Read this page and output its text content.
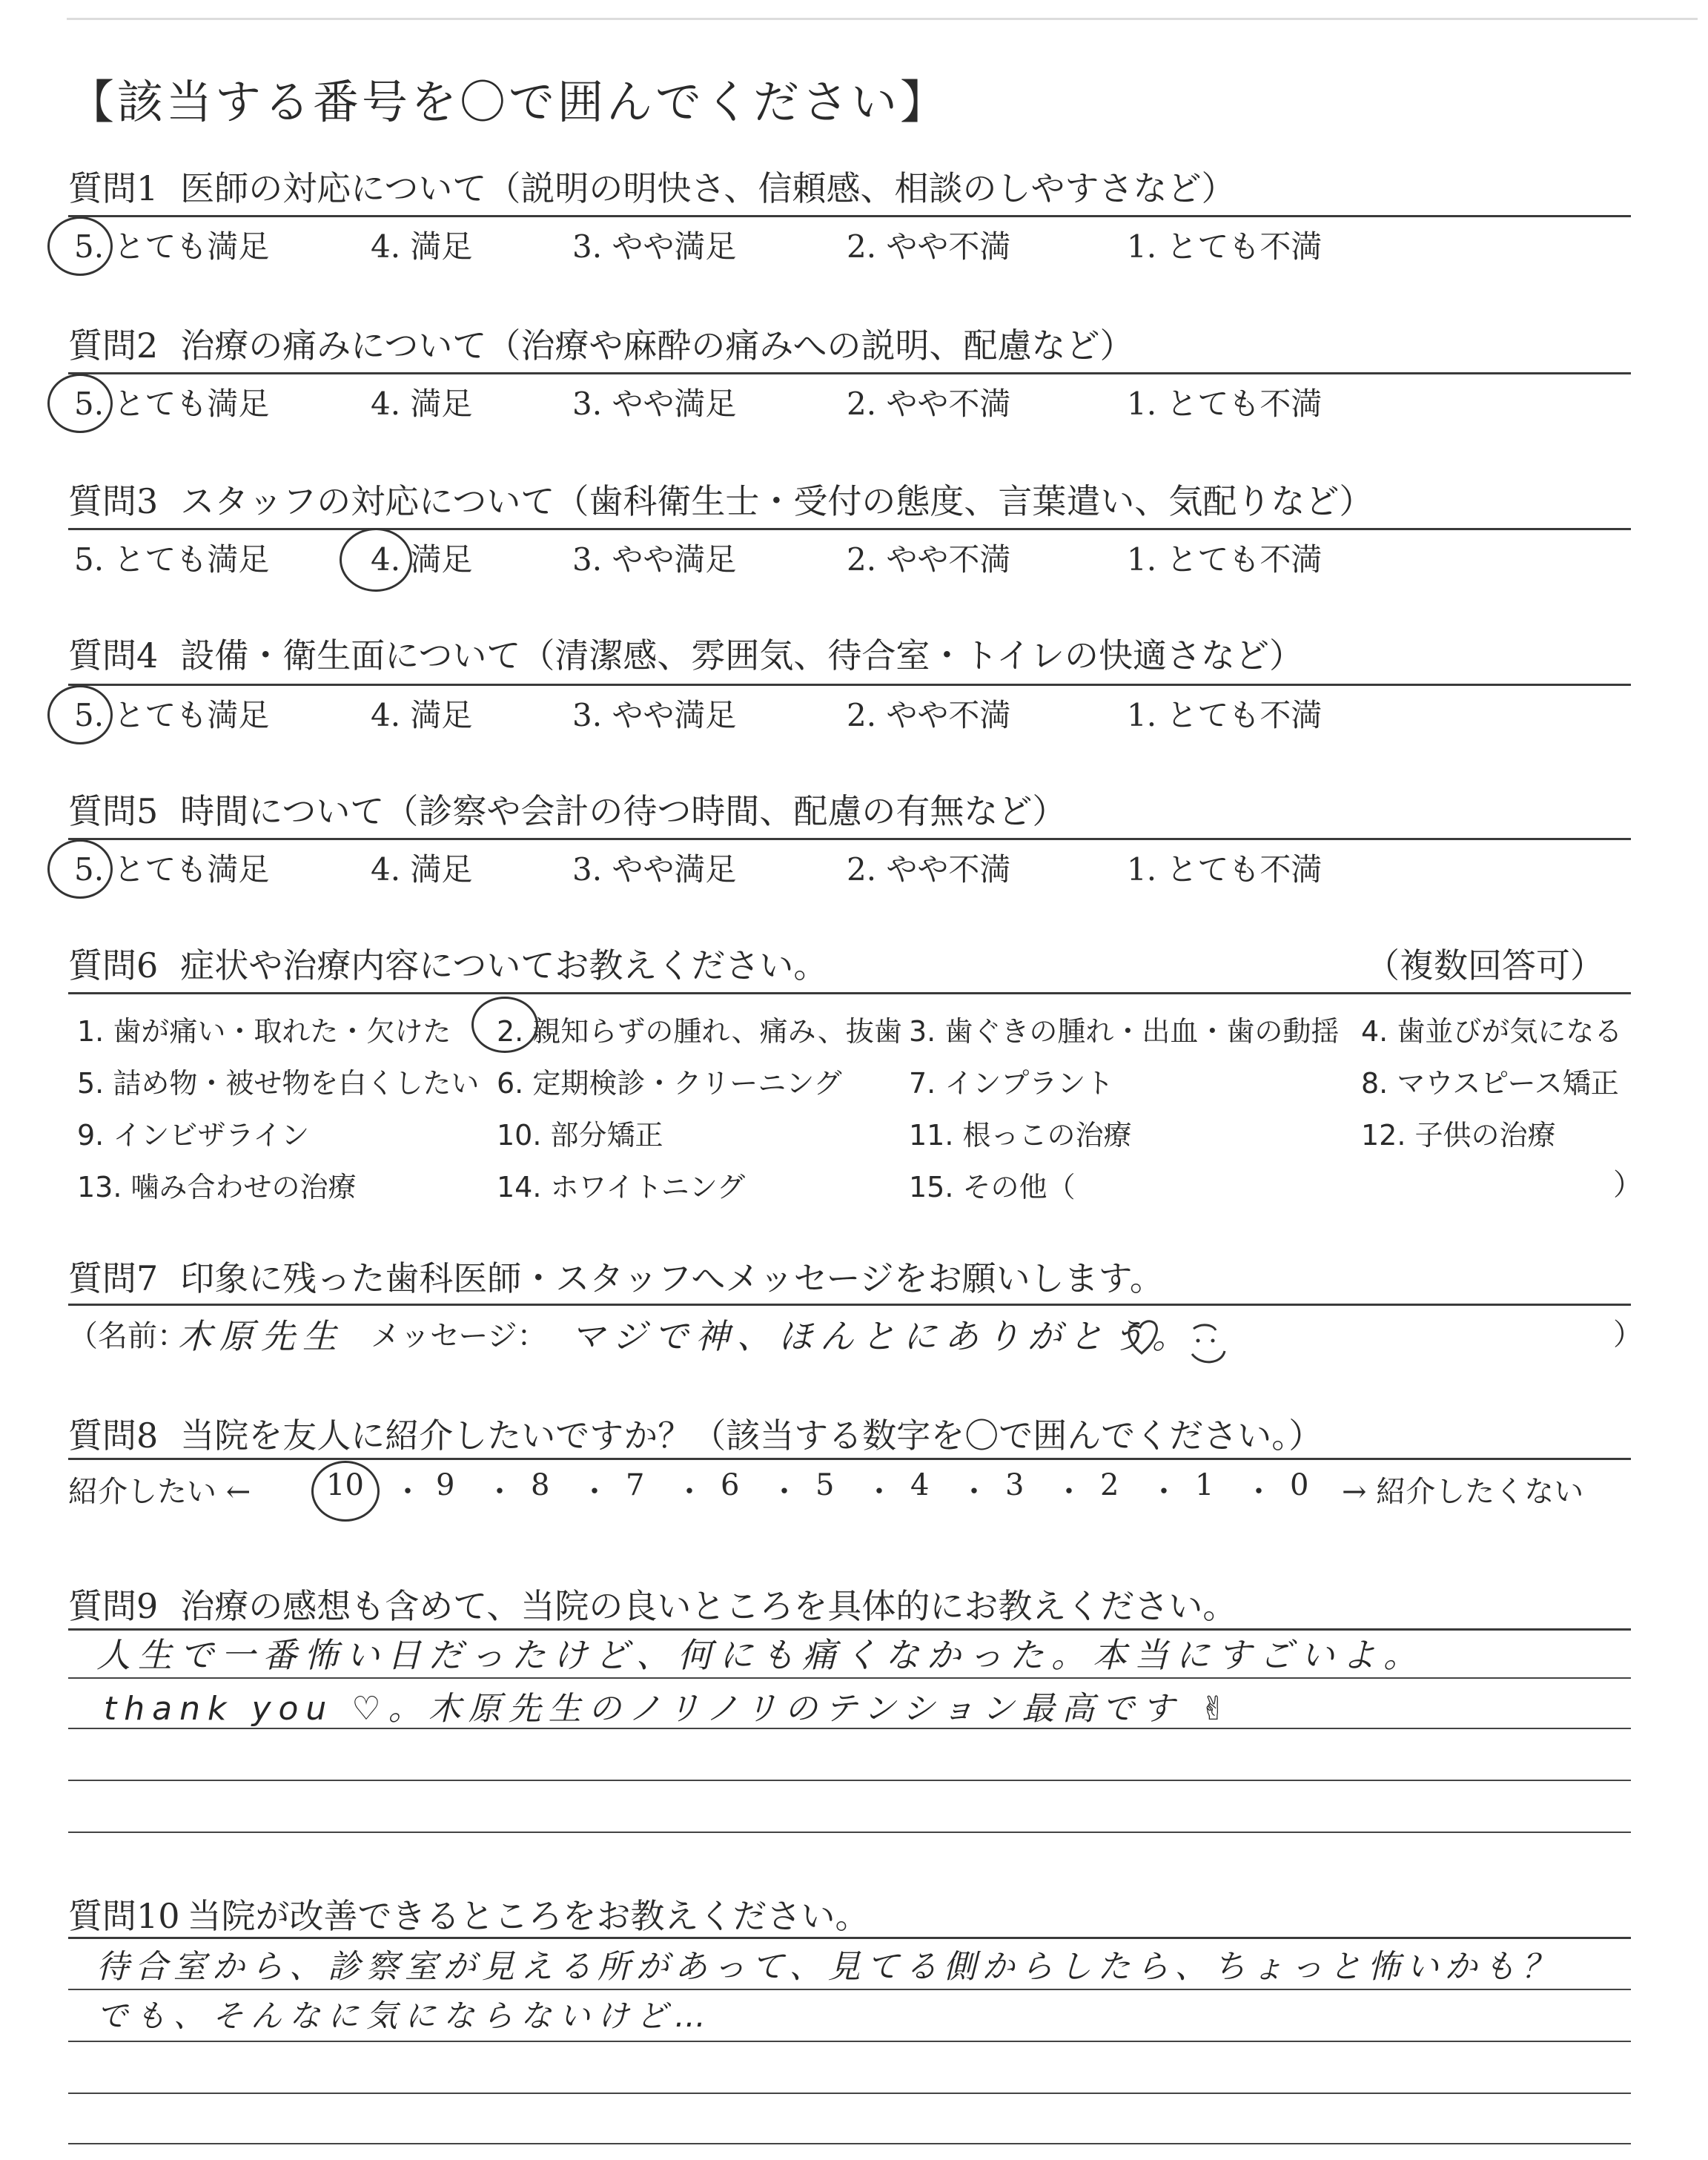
【該当する番号を〇で囲んでください】
質問1 医師の対応について（説明の明快さ、信頼感、相談のしやすさなど）
5. とても満足	4. 満足	3. やや満足	2. やや不満	1. とても不満
質問2 治療の痛みについて（治療や麻酔の痛みへの説明、配慮など）
5. とても満足	4. 満足	3. やや満足	2. やや不満	1. とても不満
質問3 スタッフの対応について（歯科衛生士・受付の態度、言葉遣い、気配りなど）
5. とても満足	4. 満足	3. やや満足	2. やや不満	1. とても不満
質問4 設備・衛生面について（清潔感、雰囲気、待合室・トイレの快適さなど）
5. とても満足	4. 満足	3. やや満足	2. やや不満	1. とても不満
質問5 時間について（診察や会計の待つ時間、配慮の有無など）
5. とても満足	4. 満足	3. やや満足	2. やや不満	1. とても不満
質問6 症状や治療内容についてお教えください。	（複数回答可）
1. 歯が痛い・取れた・欠けた 2. 親知らずの腫れ、痛み、抜歯 3. 歯ぐきの腫れ・出血・歯の動揺 4. 歯並びが気になる
5. 詰め物・被せ物を白くしたい 6. 定期検診・クリーニング 7. インプラント	8. マウスピース矯正
9. インビザライン	10. 部分矯正	11. 根っこの治療	12. 子供の治療
13. 噛み合わせの治療	14. ホワイトニング	15. その他（	）
質問7 印象に残った歯科医師・スタッフへメッセージをお願いします。
（名前：
木原先生 メッセージ： マジで神、ほんとにありがとう。	）
質問8 当院を友人に紹介したいですか？（該当する数字を〇で囲んでください。）
紹介したい ←	10 ・ 9 ・ 8 ・ 7 ・ 6 ・ 5 ・ 4 ・ 3 ・ 2 ・ 1 ・ 0 → 紹介したくない
質問9 治療の感想も含めて、当院の良いところを具体的にお教えください。
人生で一番怖い日だったけど、何にも痛くなかった。本当にすごいよ。
thank you ♡。木原先生のノリノリのテンション最高です ✌
質問10 当院が改善できるところをお教えください。
待合室から、診察室が見える所があって、見てる側からしたら、ちょっと怖いかも？
でも、そんなに気にならないけど…
